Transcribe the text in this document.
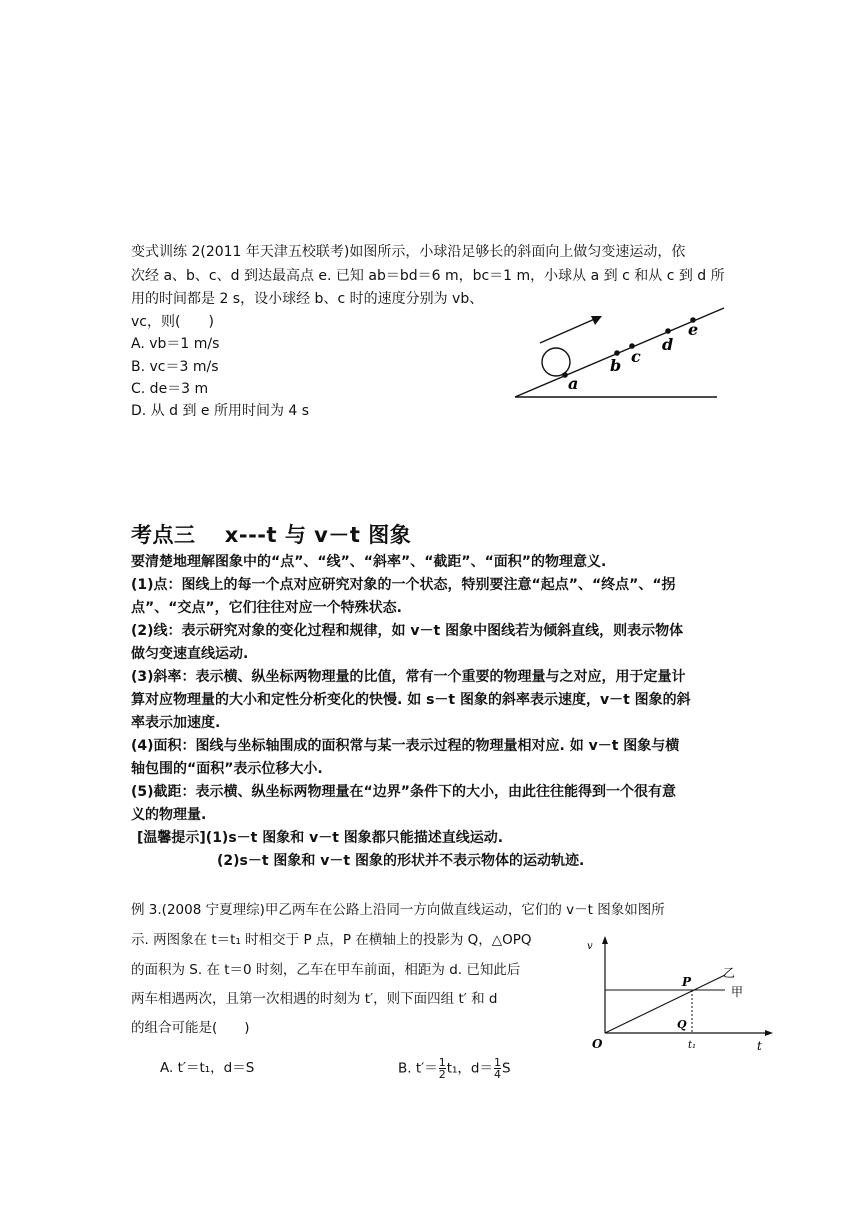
变式训练 2(2011 年天津五校联考)如图所示，小球沿足够长的斜面向上做匀变速运动，依
次经 a、b、c、d 到达最高点 e. 已知 ab＝bd＝6 m，bc＝1 m，小球从 a 到 c 和从 c 到 d 所
用的时间都是 2 s，设小球经 b、c 时的速度分别为 vb、
vc，则(　　)
A. vb＝1 m/s
B. vc＝3 m/s
C. de＝3 m
D. 从 d 到 e 所用时间为 4 s
a
b c
d
e
考点三　 x---t 与 v－t 图象
要清楚地理解图象中的“点”、“线”、“斜率”、“截距”、“面积”的物理意义.
(1)点：图线上的每一个点对应研究对象的一个状态，特别要注意“起点”、“终点”、“拐
点”、“交点”，它们往往对应一个特殊状态.
(2)线：表示研究对象的变化过程和规律，如 v－t 图象中图线若为倾斜直线，则表示物体
做匀变速直线运动.
(3)斜率：表示横、纵坐标两物理量的比值，常有一个重要的物理量与之对应，用于定量计
算对应物理量的大小和定性分析变化的快慢. 如 s－t 图象的斜率表示速度，v－t 图象的斜
率表示加速度.
(4)面积：图线与坐标轴围成的面积常与某一表示过程的物理量相对应. 如 v－t 图象与横
轴包围的“面积”表示位移大小.
(5)截距：表示横、纵坐标两物理量在“边界”条件下的大小，由此往往能得到一个很有意
义的物理量.
[温馨提示](1)s－t 图象和 v－t 图象都只能描述直线运动.
(2)s－t 图象和 v－t 图象的形状并不表示物体的运动轨迹.
例 3.(2008 宁夏理综)甲乙两车在公路上沿同一方向做直线运动，它们的 v－t 图象如图所
示. 两图象在 t＝t₁ 时相交于 P 点，P 在横轴上的投影为 Q，△OPQ
的面积为 S. 在 t＝0 时刻，乙车在甲车前面，相距为 d. 已知此后
两车相遇两次，且第一次相遇的时刻为 t′，则下面四组 t′ 和 d
的组合可能是(　　)
A. t′＝t₁，d＝S	B. $t'= \frac{1}{2} t_1$，$d= \frac{1}{4}$ S
v
t
O
P
Q
t₁
乙
甲
